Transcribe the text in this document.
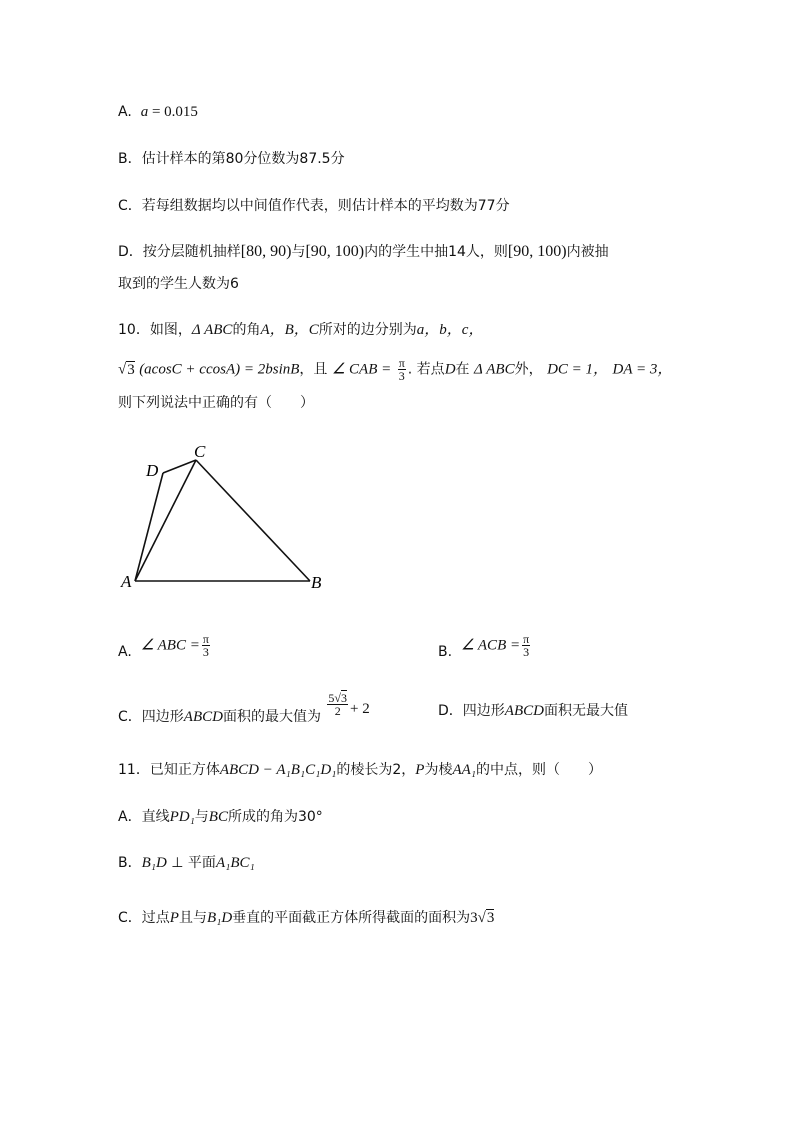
A. a = 0.015
B．估计样本的第80分位数为87.5分
C．若每组数据均以中间值作代表，则估计样本的平均数为77分
D．按分层随机抽样[80, 90)与[90, 100)内的学生中抽14人，则[90, 100)内被抽
取到的学生人数为6
10．如图，Δ ABC的角A，B，C所对的边分别为a，b，c，
√3 (acosC + ccosA) = 2bsinB，且 ∠ CAB = $\frac{\pi}{3}$ . 若点D在 Δ ABC外， DC = 1， DA = 3，
则下列说法中正确的有（　　）
A	B
C
D
A. ∠ ABC = $\frac{\pi}{3}$	B. ∠ ACB = $\frac{\pi}{3}$
C．四边形ABCD面积的最大值为 $\frac{5√3}{2} + 2$	D．四边形ABCD面积无最大值
11．已知正方体ABCD − A₁B₁C₁D₁的棱长为2，P为棱AA₁的中点，则（　　）
A．直线PD₁与BC所成的角为30°
B．B₁D ⊥ 平面A₁BC₁
C．过点P且与B₁D垂直的平面截正方体所得截面的面积为3√3
